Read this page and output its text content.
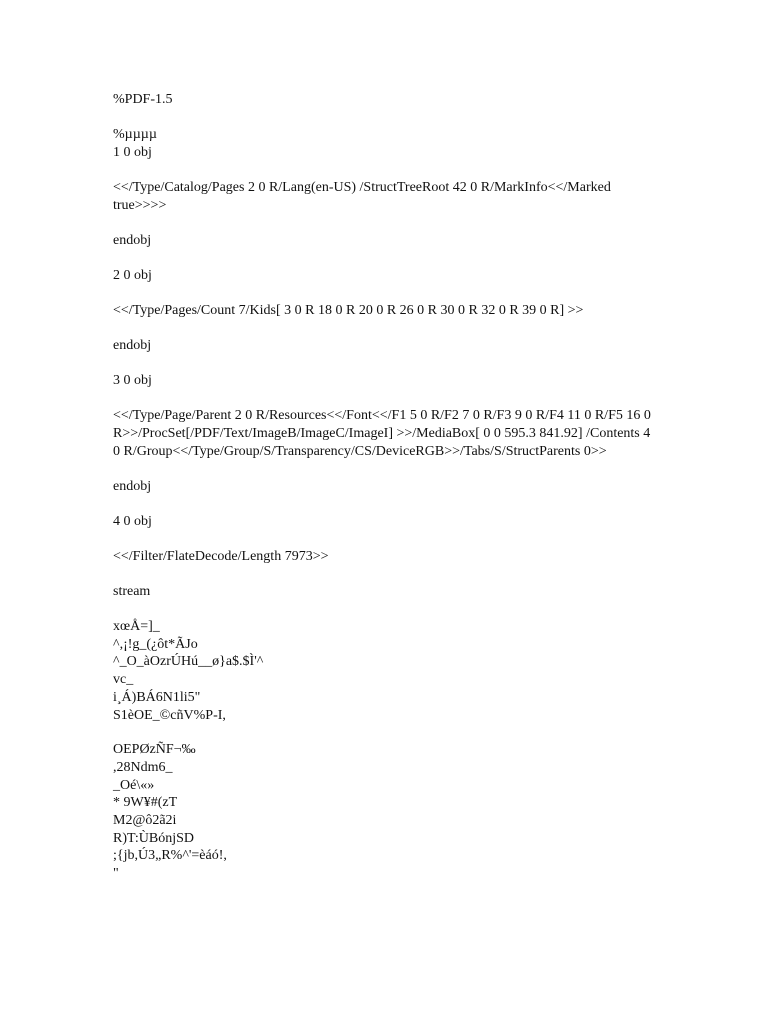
%PDF-1.5

%µµµµ

1 0 obj

<</Type/Catalog/Pages 2 0 R/Lang(en-US) /StructTreeRoot 42 0 R/MarkInfo<</Marked true>>>>

endobj

2 0 obj

<</Type/Pages/Count 7/Kids[ 3 0 R 18 0 R 20 0 R 26 0 R 30 0 R 32 0 R 39 0 R] >>

endobj

3 0 obj

<</Type/Page/Parent 2 0 R/Resources<</Font<</F1 5 0 R/F2 7 0 R/F3 9 0 R/F4 11 0 R/F5 16 0 R>>/ProcSet[/PDF/Text/ImageB/ImageC/ImageI] >>/MediaBox[ 0 0 595.3 841.92] /Contents 4 0 R/Group<</Type/Group/S/Transparency/CS/DeviceRGB>>/Tabs/S/StructParents 0>>

endobj

4 0 obj

<</Filter/FlateDecode/Length 7973>>

stream

xœÅ=]_
^,¡!g_(¿ôt*ÃJo
^_O_àOzrÚHú__ø}a$.$Ì'^
vc_
i¸Á)BÁ6N1li5"
S1èOE_©cñV%P-I,
OEPØzÑF¬‰
,28Ndm6_
_Oé\«»
* 9W¥#(zT
M2@ô2ã2i
R)T:ÙBónjSD
;{jb,Ú3„R%^'=èáó!,
"
